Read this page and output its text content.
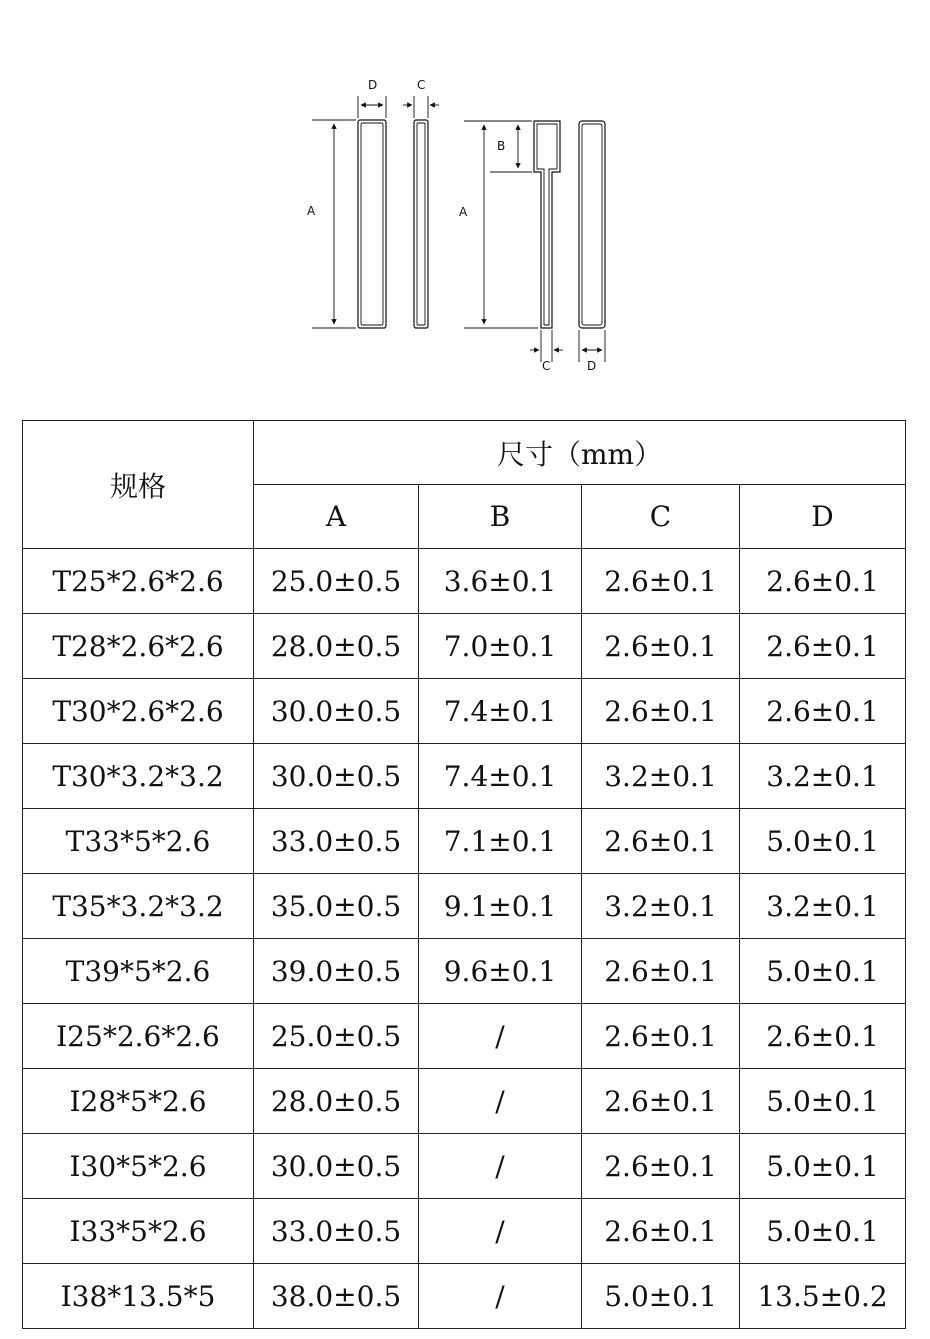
A
D	C
B
A
C	D
规格	尺寸（mm）			
	A	B	C	D
T25*2.6*2.6	25.0±0.5	3.6±0.1	2.6±0.1	2.6±0.1
T28*2.6*2.6	28.0±0.5	7.0±0.1	2.6±0.1	2.6±0.1
T30*2.6*2.6	30.0±0.5	7.4±0.1	2.6±0.1	2.6±0.1
T30*3.2*3.2	30.0±0.5	7.4±0.1	3.2±0.1	3.2±0.1
T33*5*2.6	33.0±0.5	7.1±0.1	2.6±0.1	5.0±0.1
T35*3.2*3.2	35.0±0.5	9.1±0.1	3.2±0.1	3.2±0.1
T39*5*2.6	39.0±0.5	9.6±0.1	2.6±0.1	5.0±0.1
I25*2.6*2.6	25.0±0.5	/	2.6±0.1	2.6±0.1
I28*5*2.6	28.0±0.5	/	2.6±0.1	5.0±0.1
I30*5*2.6	30.0±0.5	/	2.6±0.1	5.0±0.1
I33*5*2.6	33.0±0.5	/	2.6±0.1	5.0±0.1
I38*13.5*5	38.0±0.5	/	5.0±0.1	13.5±0.2
